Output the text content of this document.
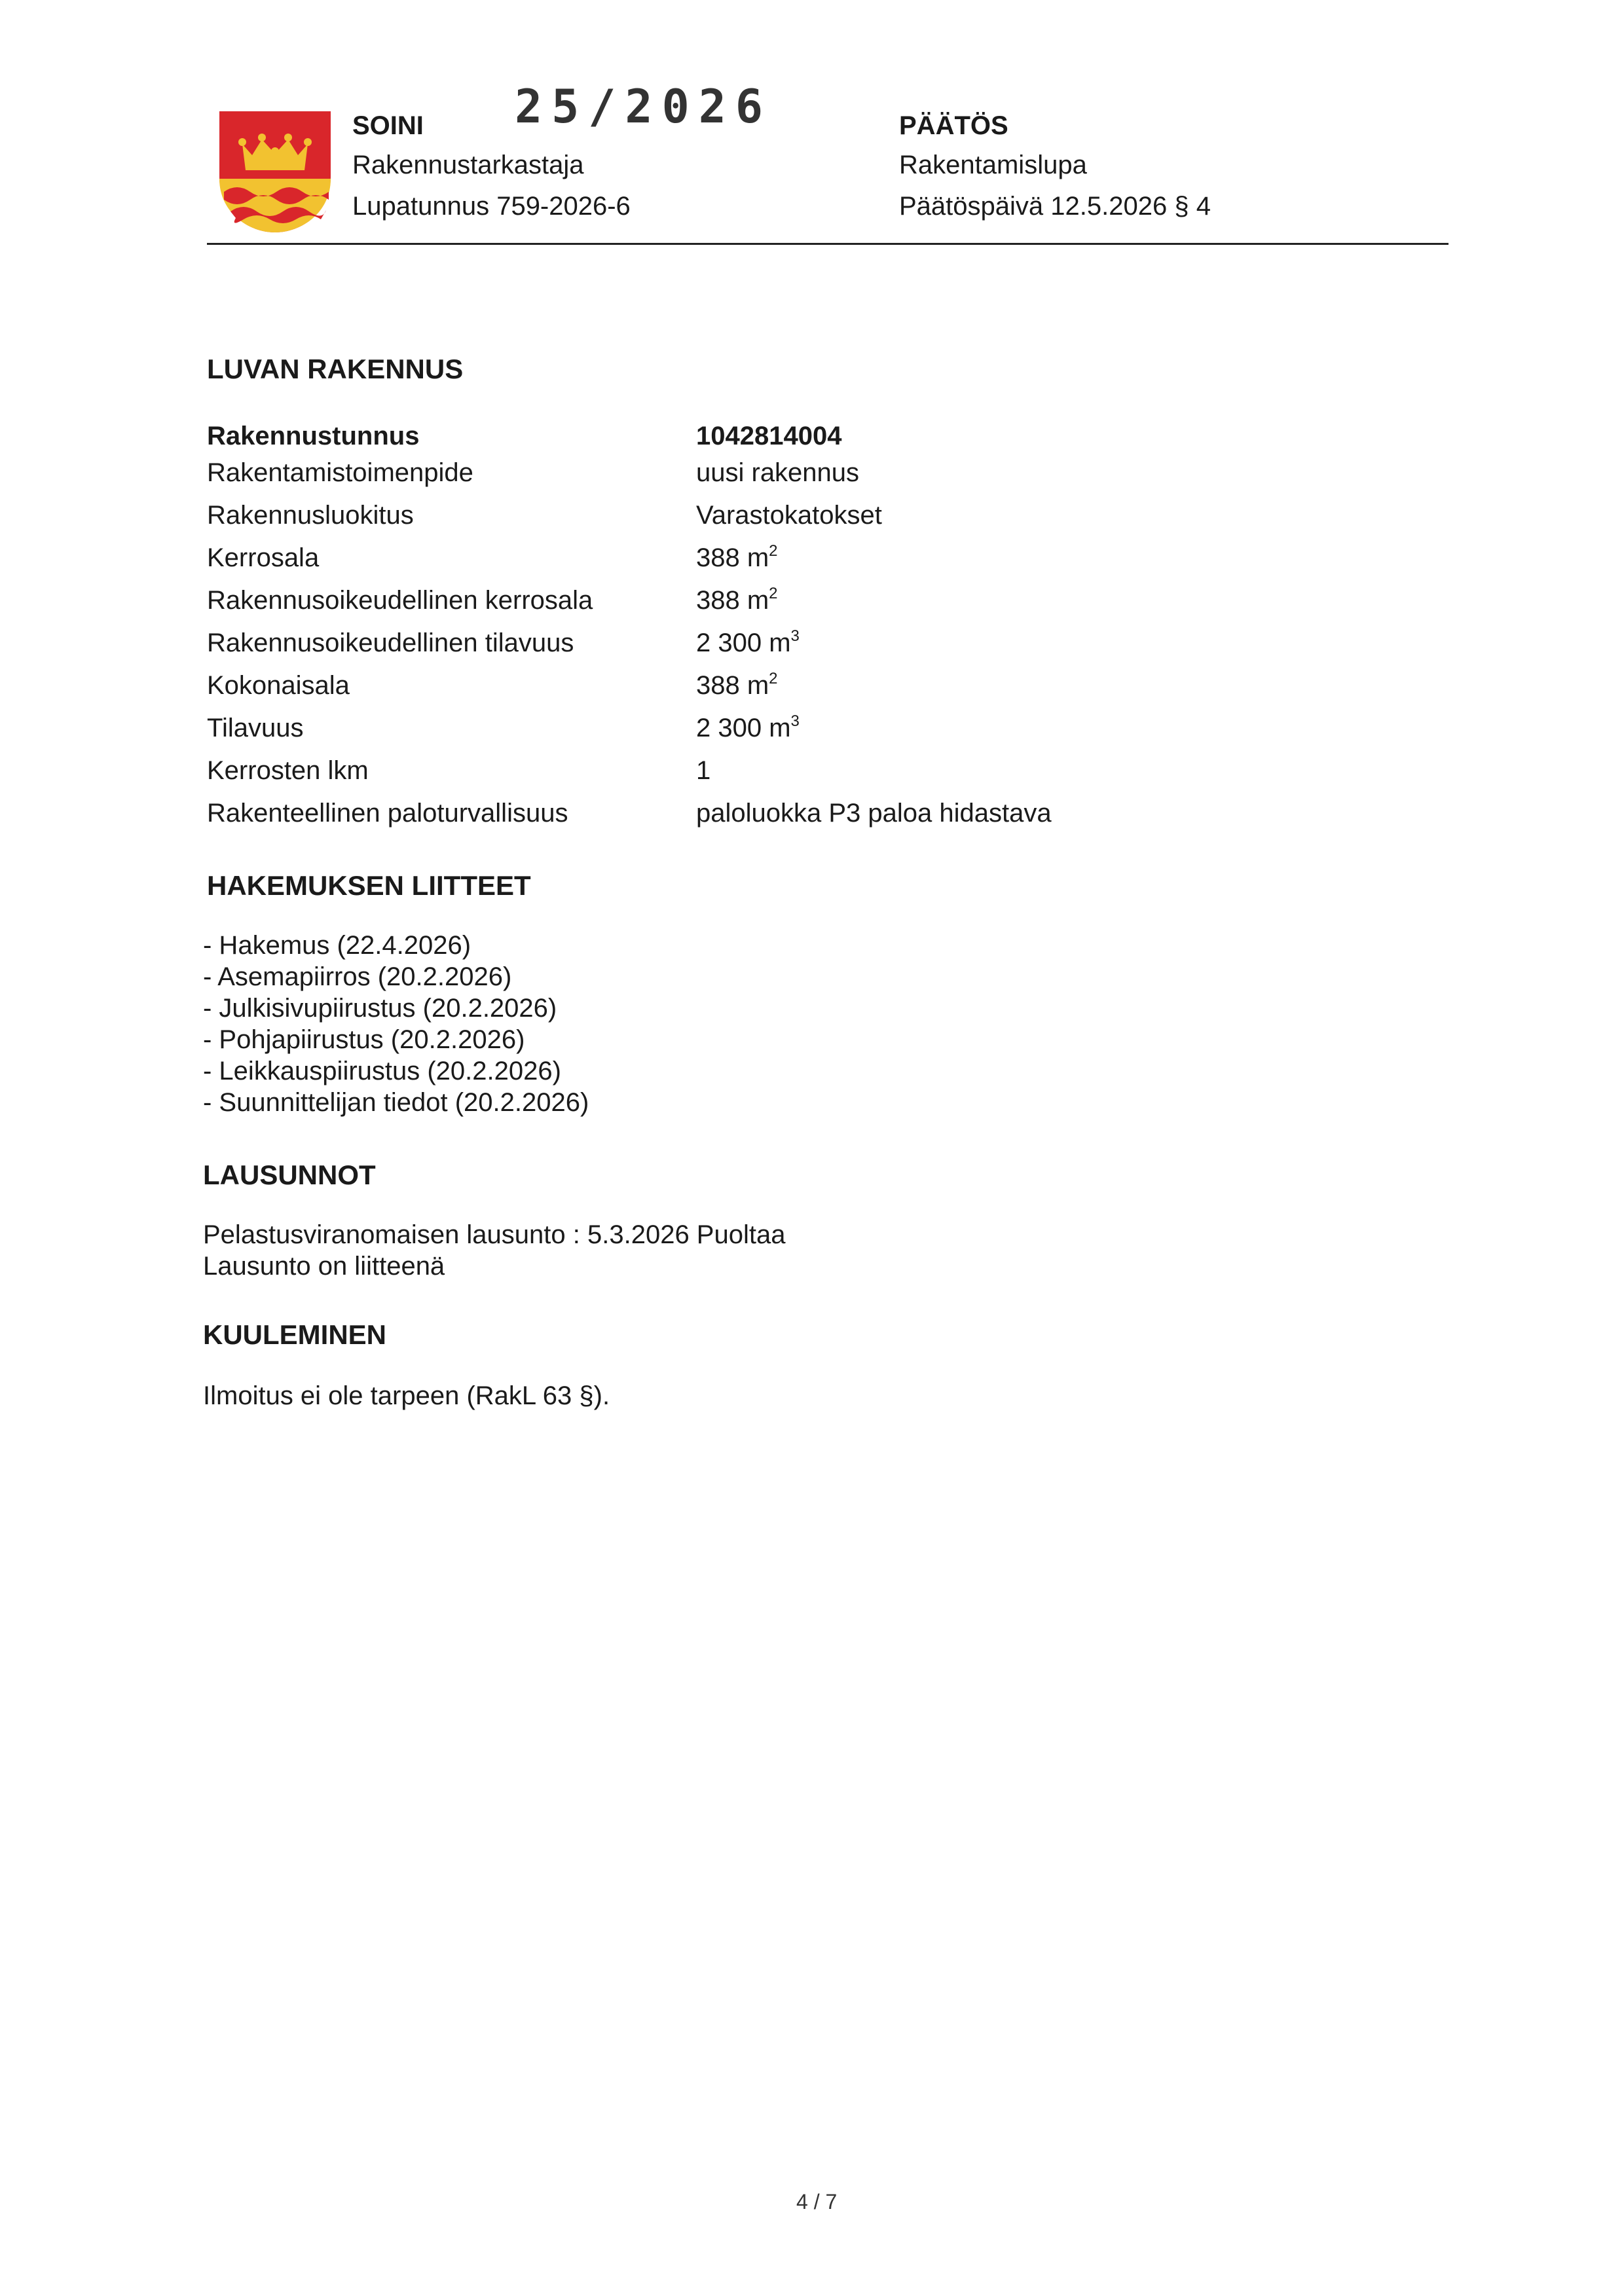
SOINI 25/2026
Rakennustarkastaja
Lupatunnus 759-2026-6
PÄÄTÖS
Rakentamislupa
Päätöspäivä 12.5.2026 § 4
LUVAN RAKENNUS
Rakennustunnus	1042814004
Rakentamistoimenpide	uusi rakennus
Rakennusluokitus	Varastokatokset
Kerrosala	388 $m^2$
Rakennusoikeudellinen kerrosala	388 $m^2$
Rakennusoikeudellinen tilavuus	2 300 $m^3$
Kokonaisala	388 $m^2$
Tilavuus	2 300 $m^3$
Kerrosten lkm	1
Rakenteellinen paloturvallisuus	paloluokka P3 paloa hidastava
HAKEMUKSEN LIITTEET
- Hakemus (22.4.2026)
- Asemapiirros (20.2.2026)
- Julkisivupiirustus (20.2.2026)
- Pohjapiirustus (20.2.2026)
- Leikkauspiirustus (20.2.2026)
- Suunnittelijan tiedot (20.2.2026)
LAUSUNNOT
Pelastusviranomaisen lausunto : 5.3.2026 Puoltaa
Lausunto on liitteenä
KUULEMINEN
Ilmoitus ei ole tarpeen (RakL 63 §).
4 / 7
